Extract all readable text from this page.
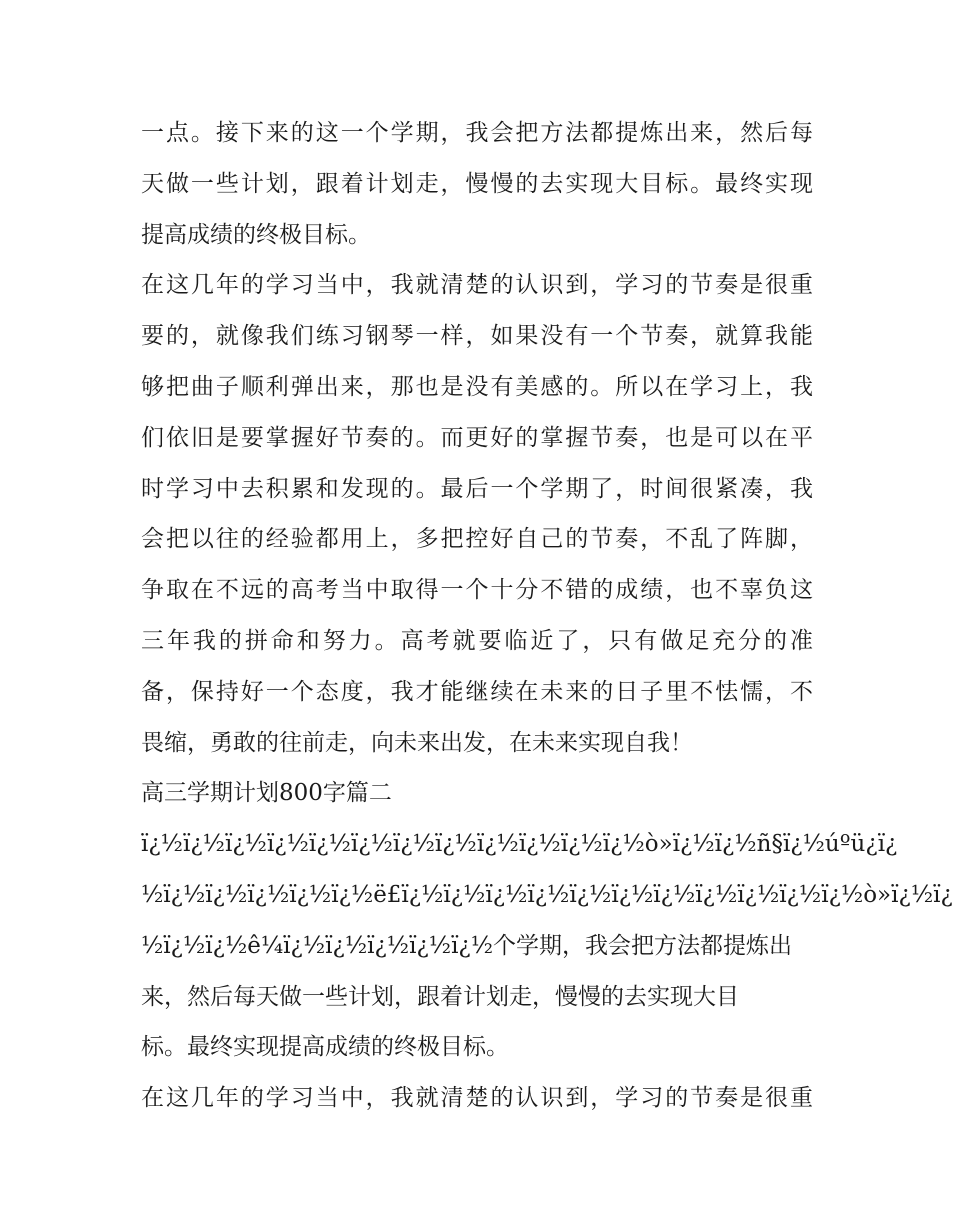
一点。接下来的这一个学期，我会把方法都提炼出来，然后每
天做一些计划，跟着计划走，慢慢的去实现大目标。最终实现
提高成绩的终极目标。
在这几年的学习当中，我就清楚的认识到，学习的节奏是很重
要的，就像我们练习钢琴一样，如果没有一个节奏，就算我能
够把曲子顺利弹出来，那也是没有美感的。所以在学习上，我
们依旧是要掌握好节奏的。而更好的掌握节奏，也是可以在平
时学习中去积累和发现的。最后一个学期了，时间很紧凑，我
会把以往的经验都用上，多把控好自己的节奏，不乱了阵脚，
争取在不远的高考当中取得一个十分不错的成绩，也不辜负这
三年我的拼命和努力。高考就要临近了，只有做足充分的准
备，保持好一个态度，我才能继续在未来的日子里不怯懦，不
畏缩，勇敢的往前走，向未来出发，在未来实现自我！
高三学期计划800字篇二
ï¿½ï¿½ï¿½ï¿½ï¿½ï¿½ï¿½ï¿½ï¿½ï¿½ï¿½ï¿½ò»ï¿½ï¿½ñ§ï¿½úºü¿ï¿
½ï¿½ï¿½ï¿½ï¿½ï¿½ë£ï¿½ï¿½ï¿½ï¿½ï¿½ï¿½ï¿½ï¿½ï¿½ï¿½ï¿½ò»ï¿½ï¿
½ï¿½ï¿½ê¼ï¿½ï¿½ï¿½ï¿½ï¿½个学期，我会把方法都提炼出
来，然后每天做一些计划，跟着计划走，慢慢的去实现大目
标。最终实现提高成绩的终极目标。
在这几年的学习当中，我就清楚的认识到，学习的节奏是很重
